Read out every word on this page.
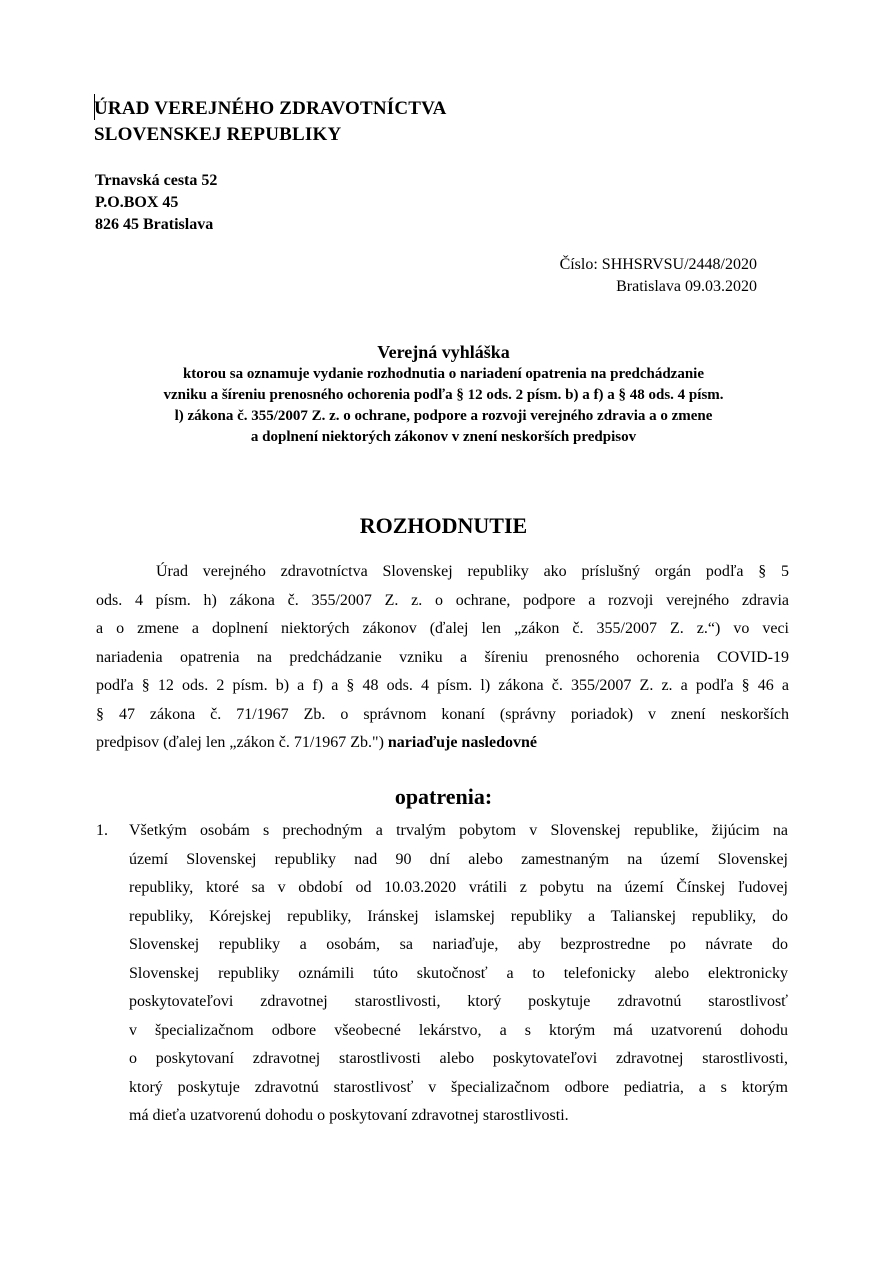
ÚRAD VEREJNÉHO ZDRAVOTNÍCTVA
SLOVENSKEJ REPUBLIKY
Trnavská cesta 52
P.O.BOX 45
826 45 Bratislava
Číslo: SHHSRVSU/2448/2020
Bratislava 09.03.2020
Verejná vyhláška
ktorou sa oznamuje vydanie rozhodnutia o nariadení opatrenia na predchádzanie
vzniku a šíreniu prenosného ochorenia podľa § 12 ods. 2 písm. b) a f) a § 48 ods. 4 písm.
l) zákona č. 355/2007 Z. z. o ochrane, podpore a rozvoji verejného zdravia a o zmene
a doplnení niektorých zákonov v znení neskorších predpisov
ROZHODNUTIE
Úrad verejného zdravotníctva Slovenskej republiky ako príslušný orgán podľa § 5
ods. 4 písm. h) zákona č. 355/2007 Z. z. o ochrane, podpore a rozvoji verejného zdravia
a o zmene a doplnení niektorých zákonov (ďalej len „zákon č. 355/2007 Z. z.“) vo veci
nariadenia opatrenia na predchádzanie vzniku a šíreniu prenosného ochorenia COVID-19
podľa § 12 ods. 2 písm. b) a f) a § 48 ods. 4 písm. l) zákona č. 355/2007 Z. z. a podľa § 46 a
§ 47 zákona č. 71/1967 Zb. o správnom konaní (správny poriadok) v znení neskorších
predpisov (ďalej len „zákon č. 71/1967 Zb.") nariaďuje nasledovné
opatrenia:
1. Všetkým osobám s prechodným a trvalým pobytom v Slovenskej republike, žijúcim na
území Slovenskej republiky nad 90 dní alebo zamestnaným na území Slovenskej
republiky, ktoré sa v období od 10.03.2020 vrátili z pobytu na území Čínskej ľudovej
republiky, Kórejskej republiky, Iránskej islamskej republiky a Talianskej republiky, do
Slovenskej republiky a osobám, sa nariaďuje, aby bezprostredne po návrate do
Slovenskej republiky oznámili túto skutočnosť a to telefonicky alebo elektronicky
poskytovateľovi zdravotnej starostlivosti, ktorý poskytuje zdravotnú starostlivosť
v špecializačnom odbore všeobecné lekárstvo, a s ktorým má uzatvorenú dohodu
o poskytovaní zdravotnej starostlivosti alebo poskytovateľovi zdravotnej starostlivosti,
ktorý poskytuje zdravotnú starostlivosť v špecializačnom odbore pediatria, a s ktorým
má dieťa uzatvorenú dohodu o poskytovaní zdravotnej starostlivosti.
